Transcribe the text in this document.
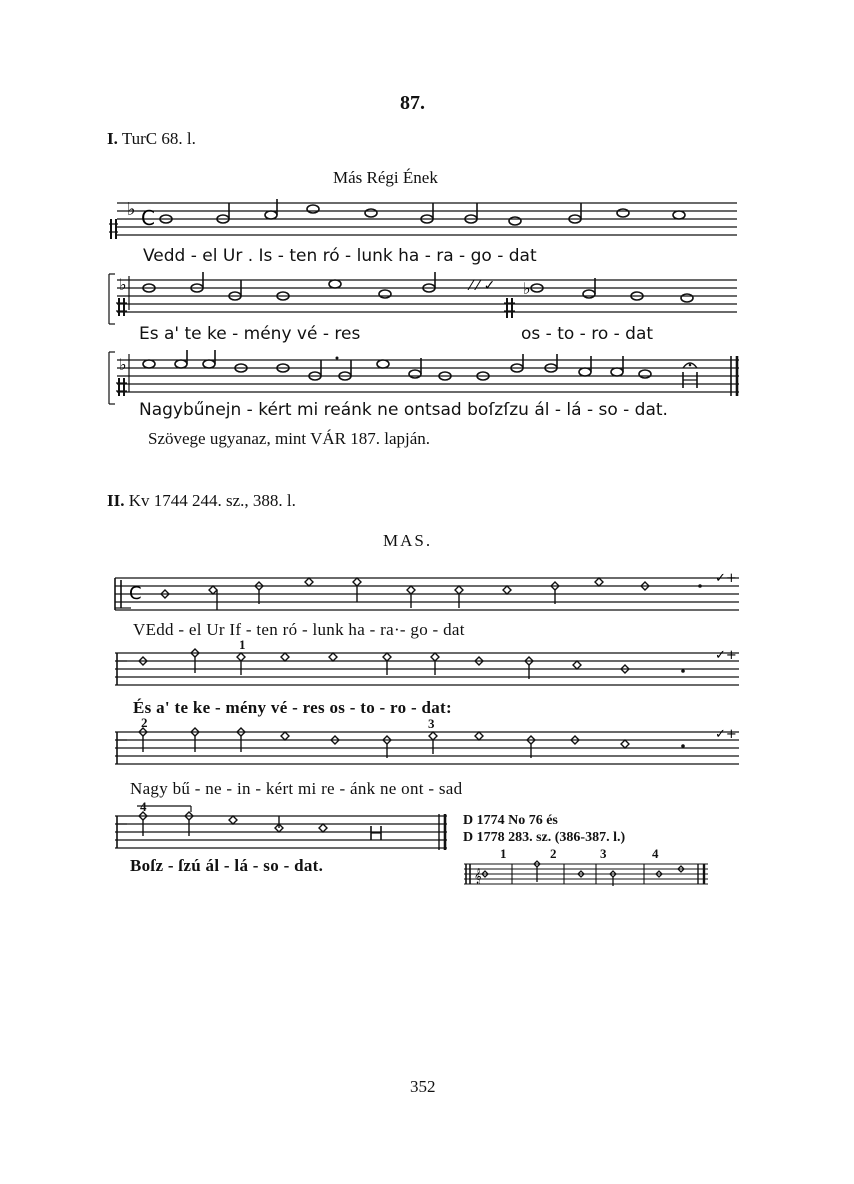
87.
I. TurC 68. l.
Más Régi Ének
♭ C
Vedd - el Ur . Is - ten ró - lunk ha - ra - go - dat
♭	⁄ ⁄ ✓ ♭
Es a' te ke - mény vé - res	os - to - ro - dat
♭
Nagybűnejn - kért mi reánk ne ontsad boſzſzu ál - lá - so - dat.
Szövege ugyanaz, mint VÁR 187. lapján.
II. Kv 1744 244. sz., 388. l.
MAS.
C
✓+
VEdd - el Ur If - ten ró - lunk ha - ra·- go - dat
✓+
1
És a' te ke - mény vé - res os - to - ro - dat:
✓+
2	3
Nagy bű - ne - in - kért mi re - ánk ne ont - sad
4
Boſz - ſzú ál - lá - so - dat.
D 1774 No 76 és
D 1778 283. sz. (386-387. l.)
𝄞
1	2	3	4
352
